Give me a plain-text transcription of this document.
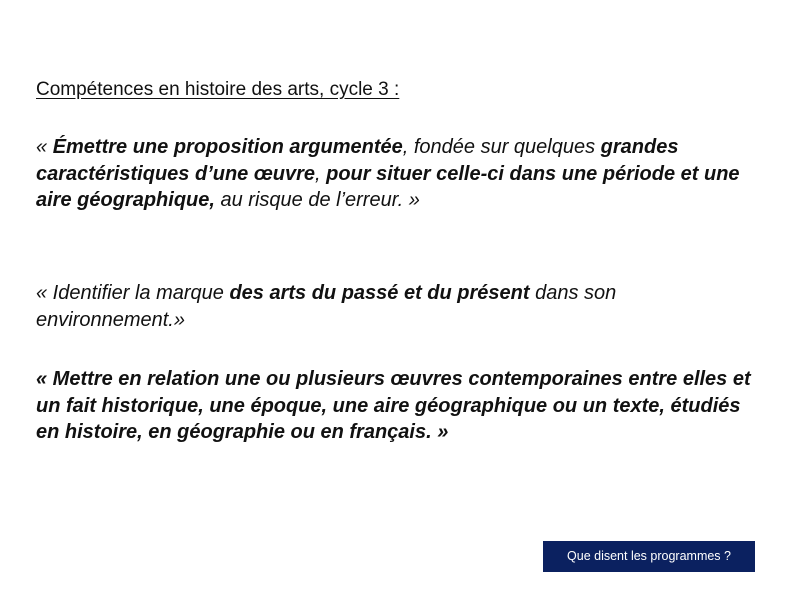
Compétences en histoire des arts, cycle 3 :
« Émettre une proposition argumentée, fondée sur quelques grandes caractéristiques d’une œuvre, pour situer celle-ci dans une période et une aire géographique, au risque de l’erreur. »
« Identifier la marque des arts du passé et du présent dans son environnement.»
« Mettre en relation une ou plusieurs œuvres contemporaines entre elles et un fait historique, une époque, une aire géographique ou un texte, étudiés en histoire, en géographie ou en français. »
Que disent les programmes ?
